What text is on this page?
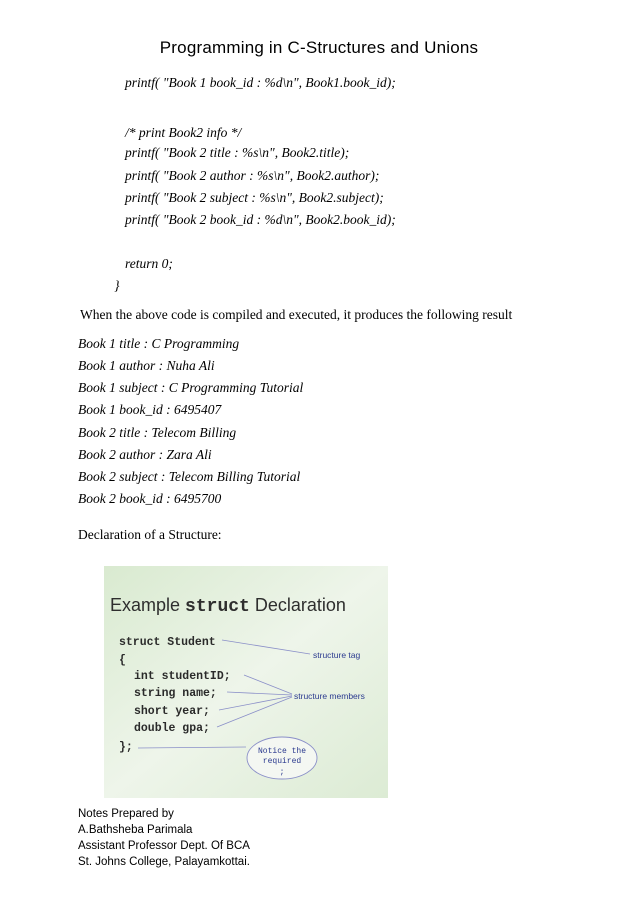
Programming in C-Structures and Unions
printf( "Book 1 book_id : %d\n", Book1.book_id);
/* print Book2 info */
printf( "Book 2 title : %s\n", Book2.title);
printf( "Book 2 author : %s\n", Book2.author);
printf( "Book 2 subject : %s\n", Book2.subject);
printf( "Book 2 book_id : %d\n", Book2.book_id);
return 0;
}
When the above code is compiled and executed, it produces the following result
Book 1 title : C Programming
Book 1 author : Nuha Ali
Book 1 subject : C Programming Tutorial
Book 1 book_id : 6495407
Book 2 title : Telecom Billing
Book 2 author : Zara Ali
Book 2 subject : Telecom Billing Tutorial
Book 2 book_id : 6495700
Declaration of a Structure:
Example struct Declaration
struct Student
{
int studentID;
string name;
short year;
double gpa;
};
structure tag
structure members
Notice the
required
;
Notes Prepared by
A.Bathsheba Parimala
Assistant Professor Dept. Of BCA
St. Johns College, Palayamkottai.
